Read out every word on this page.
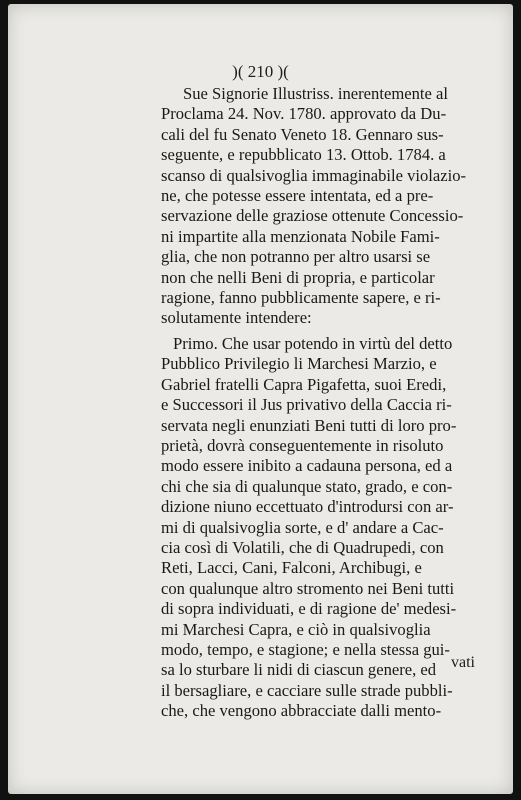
)( 210 )(
Sue Signorie Illustriss. inerentemente al
Proclama 24. Nov. 1780. approvato da Du-
cali del fu Senato Veneto 18. Gennaro sus-
seguente, e repubblicato 13. Ottob. 1784. a
scanso di qualsivoglia immaginabile violazio-
ne, che potesse essere intentata, ed a pre-
servazione delle graziose ottenute Concessio-
ni impartite alla menzionata Nobile Fami-
glia, che non potranno per altro usarsi se
non che nelli Beni di propria, e particolar
ragione, fanno pubblicamente sapere, e ri-
solutamente intendere:
Primo. Che usar potendo in virtù del detto
Pubblico Privilegio li Marchesi Marzio, e
Gabriel fratelli Capra Pigafetta, suoi Eredi,
e Successori il Jus privativo della Caccia ri-
servata negli enunziati Beni tutti di loro pro-
prietà, dovrà conseguentemente in risoluto
modo essere inibito a cadauna persona, ed a
chi che sia di qualunque stato, grado, e con-
dizione niuno eccettuato d'introdursi con ar-
mi di qualsivoglia sorte, e d' andare a Cac-
cia così di Volatili, che di Quadrupedi, con
Reti, Lacci, Cani, Falconi, Archibugi, e
con qualunque altro stromento nei Beni tutti
di sopra individuati, e di ragione de' medesi-
mi Marchesi Capra, e ciò in qualsivoglia
modo, tempo, e stagione; e nella stessa gui-
sa lo sturbare li nidi di ciascun genere, ed
il bersagliare, e cacciare sulle strade pubbli-
che, che vengono abbracciate dalli mento-
vati
